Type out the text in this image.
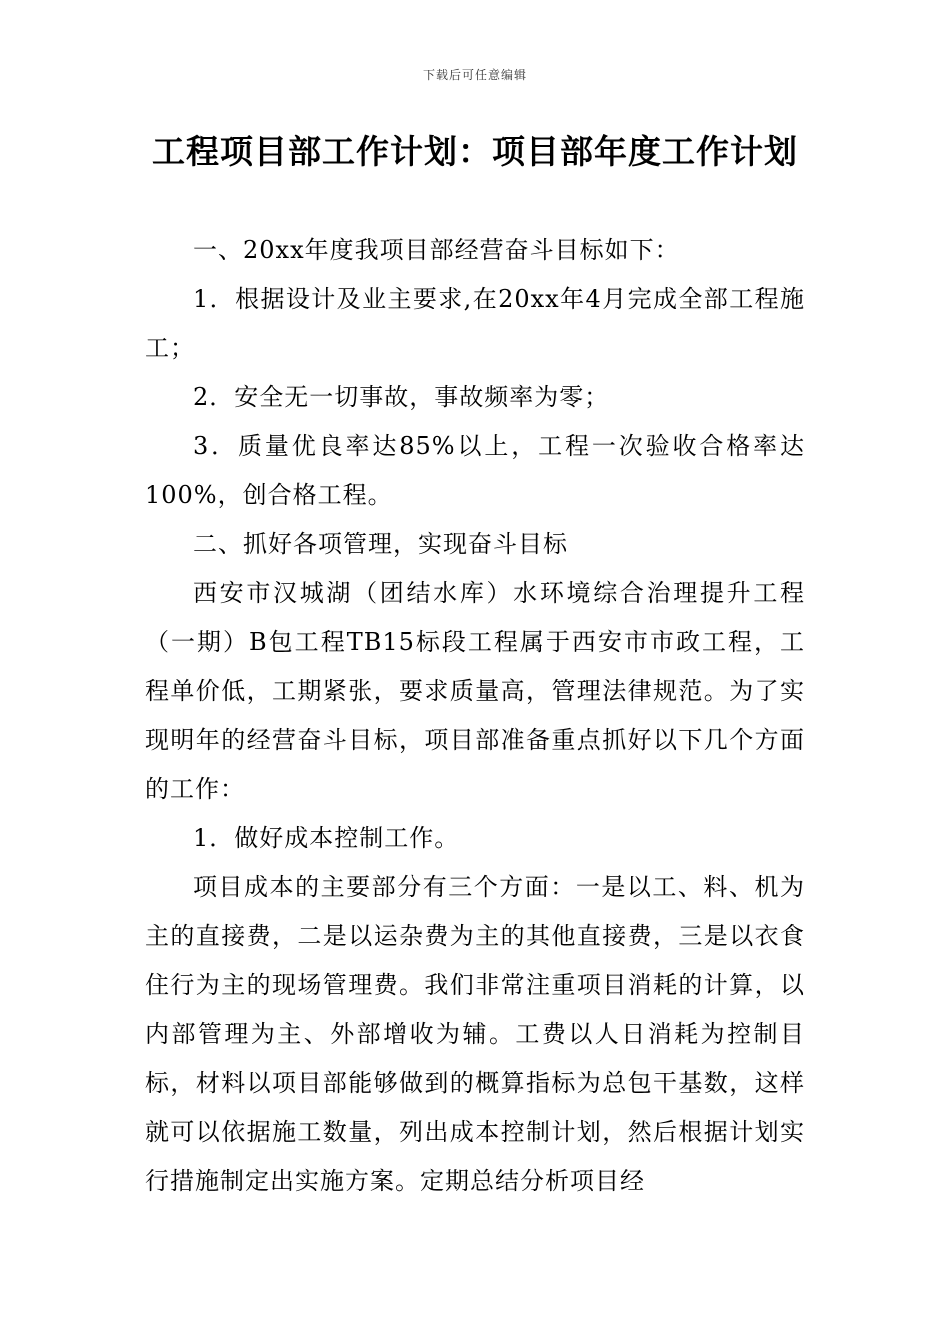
下载后可任意编辑
工程项目部工作计划：项目部年度工作计划

一、20xx年度我项目部经营奋斗目标如下：

1．根据设计及业主要求,在20xx年4月完成全部工程施工；

2．安全无一切事故，事故频率为零；

3．质量优良率达85%以上，工程一次验收合格率达100%，创合格工程。

二、抓好各项管理，实现奋斗目标

西安市汉城湖（团结水库）水环境综合治理提升工程（一期）B包工程TB15标段工程属于西安市市政工程，工程单价低，工期紧张，要求质量高，管理法律规范。为了实现明年的经营奋斗目标，项目部准备重点抓好以下几个方面的工作：

1．做好成本控制工作。

项目成本的主要部分有三个方面：一是以工、料、机为主的直接费，二是以运杂费为主的其他直接费，三是以衣食住行为主的现场管理费。我们非常注重项目消耗的计算，以内部管理为主、外部增收为辅。工费以人日消耗为控制目标，材料以项目部能够做到的概算指标为总包干基数，这样就可以依据施工数量，列出成本控制计划，然后根据计划实行措施制定出实施方案。定期总结分析项目经
